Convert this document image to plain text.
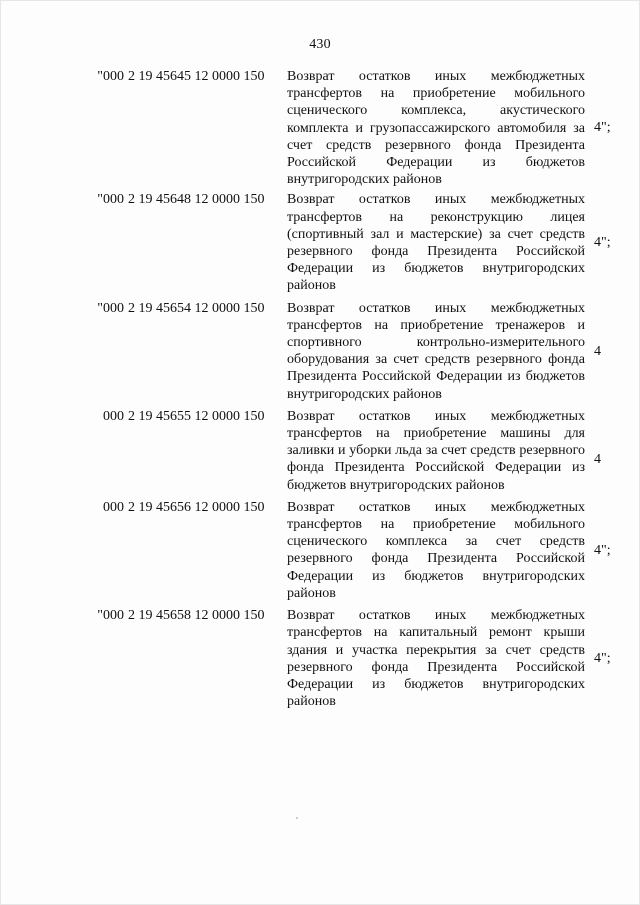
430
"000 2 19 45645 12 0000 150 Возврат остатков иных межбюджетных трансфертов на приобретение мобильного сценического комплекса, акустического комплекта и грузопассажирского автомобиля за счет средств резервного фонда Президента Российской Федерации из бюджетов внутригородских районов
4";
"000 2 19 45648 12 0000 150 Возврат остатков иных межбюджетных трансфертов на реконструкцию лицея (спортивный зал и мастерские) за счет средств резервного фонда Президента Российской Федерации из бюджетов внутригородских районов
4";
"000 2 19 45654 12 0000 150 Возврат остатков иных межбюджетных трансфертов на приобретение тренажеров и спортивного контрольно-измерительного оборудования за счет средств резервного фонда Президента Российской Федерации из бюджетов внутригородских районов
4
000 2 19 45655 12 0000 150 Возврат остатков иных межбюджетных трансфертов на приобретение машины для заливки и уборки льда за счет средств резервного фонда Президента Российской Федерации из бюджетов внутригородских районов
4
000 2 19 45656 12 0000 150 Возврат остатков иных межбюджетных трансфертов на приобретение мобильного сценического комплекса за счет средств резервного фонда Президента Российской Федерации из бюджетов внутригородских районов
4";
"000 2 19 45658 12 0000 150 Возврат остатков иных межбюджетных трансфертов на капитальный ремонт крыши здания и участка перекрытия за счет средств резервного фонда Президента Российской Федерации из бюджетов внутригородских районов
4";
